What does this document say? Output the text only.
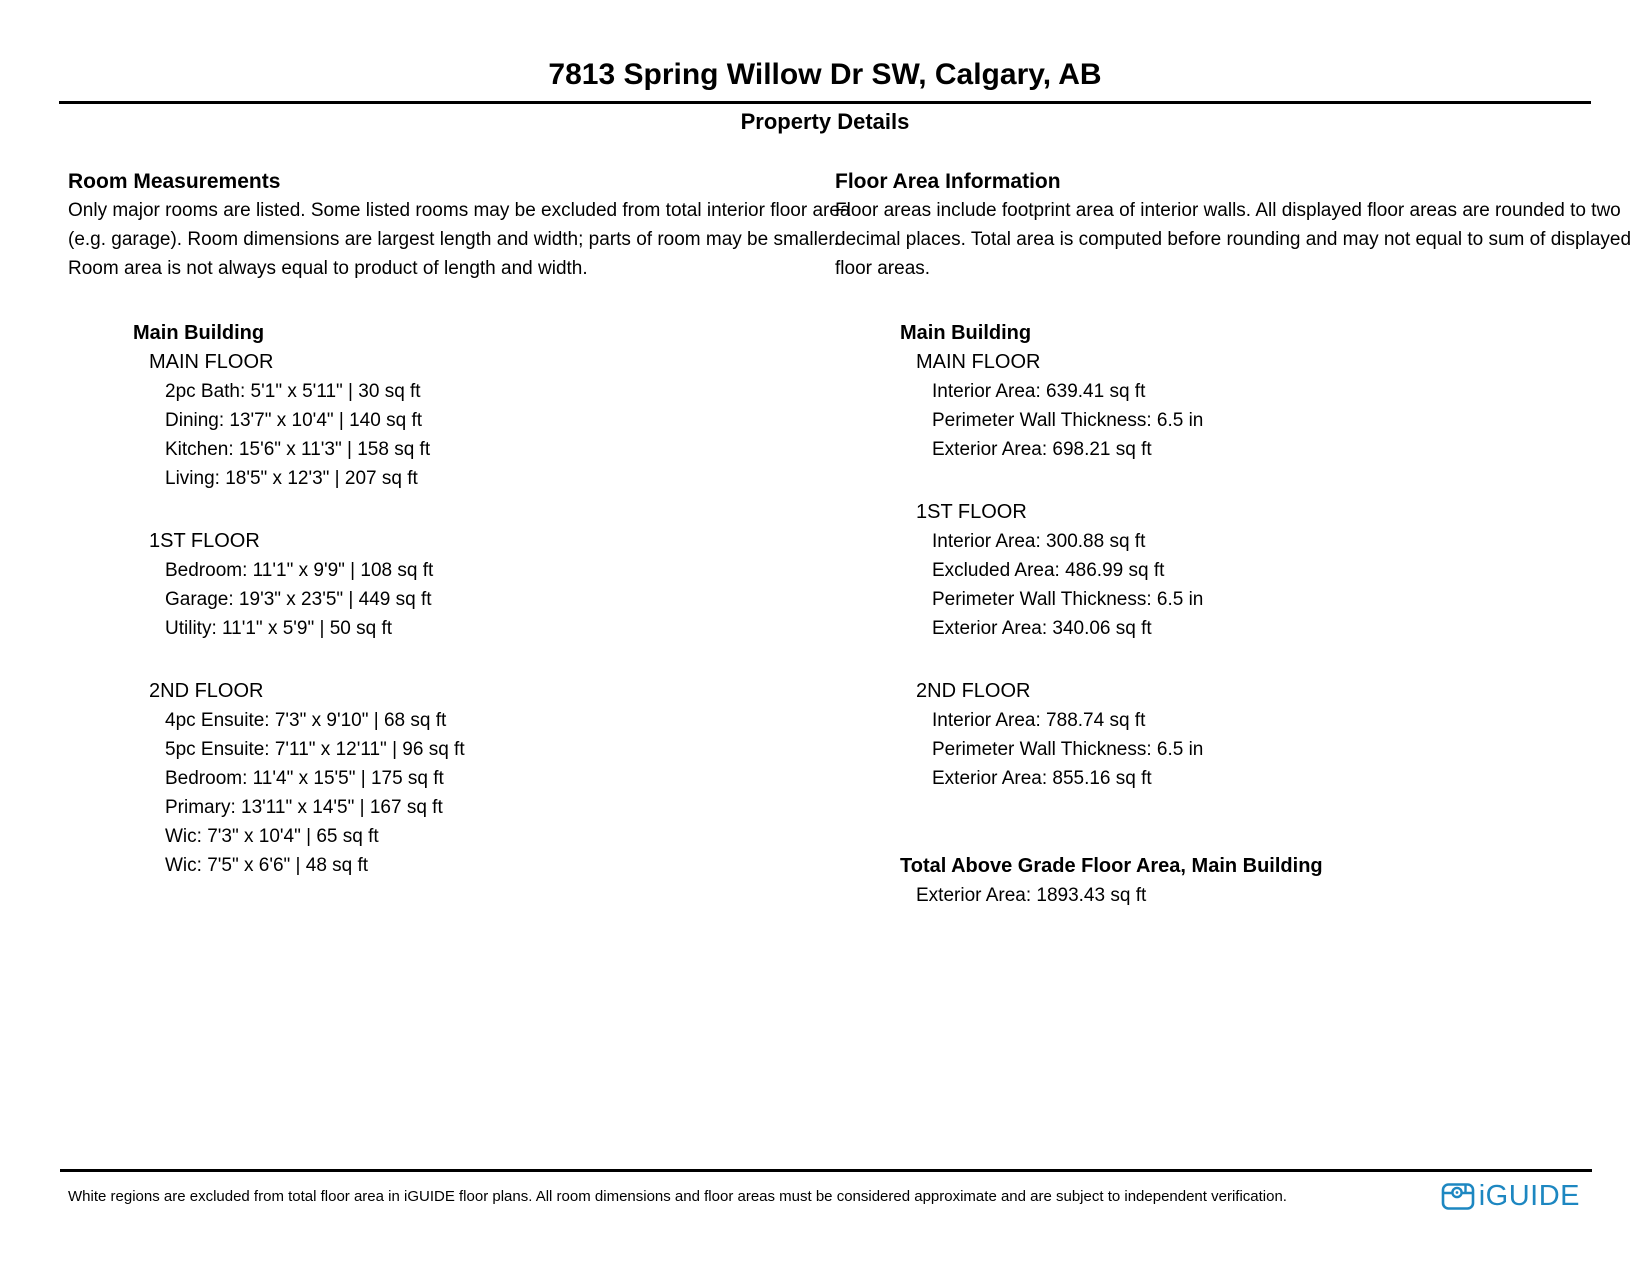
7813 Spring Willow Dr SW, Calgary, AB
Property Details
Room Measurements
Only major rooms are listed. Some listed rooms may be excluded from total interior floor area
(e.g. garage). Room dimensions are largest length and width; parts of room may be smaller.
Room area is not always equal to product of length and width.
Main Building
MAIN FLOOR
2pc Bath: 5'1" x 5'11" | 30 sq ft
Dining: 13'7" x 10'4" | 140 sq ft
Kitchen: 15'6" x 11'3" | 158 sq ft
Living: 18'5" x 12'3" | 207 sq ft
1ST FLOOR
Bedroom: 11'1" x 9'9" | 108 sq ft
Garage: 19'3" x 23'5" | 449 sq ft
Utility: 11'1" x 5'9" | 50 sq ft
2ND FLOOR
4pc Ensuite: 7'3" x 9'10" | 68 sq ft
5pc Ensuite: 7'11" x 12'11" | 96 sq ft
Bedroom: 11'4" x 15'5" | 175 sq ft
Primary: 13'11" x 14'5" | 167 sq ft
Wic: 7'3" x 10'4" | 65 sq ft
Wic: 7'5" x 6'6" | 48 sq ft
Floor Area Information
Floor areas include footprint area of interior walls. All displayed floor areas are rounded to two
decimal places. Total area is computed before rounding and may not equal to sum of displayed
floor areas.
Main Building
MAIN FLOOR
Interior Area: 639.41 sq ft
Perimeter Wall Thickness: 6.5 in
Exterior Area: 698.21 sq ft
1ST FLOOR
Interior Area: 300.88 sq ft
Excluded Area: 486.99 sq ft
Perimeter Wall Thickness: 6.5 in
Exterior Area: 340.06 sq ft
2ND FLOOR
Interior Area: 788.74 sq ft
Perimeter Wall Thickness: 6.5 in
Exterior Area: 855.16 sq ft
Total Above Grade Floor Area, Main Building
Exterior Area: 1893.43 sq ft

White regions are excluded from total floor area in iGUIDE floor plans. All room dimensions and floor areas must be considered approximate and are subject to independent verification.	iGUIDE
